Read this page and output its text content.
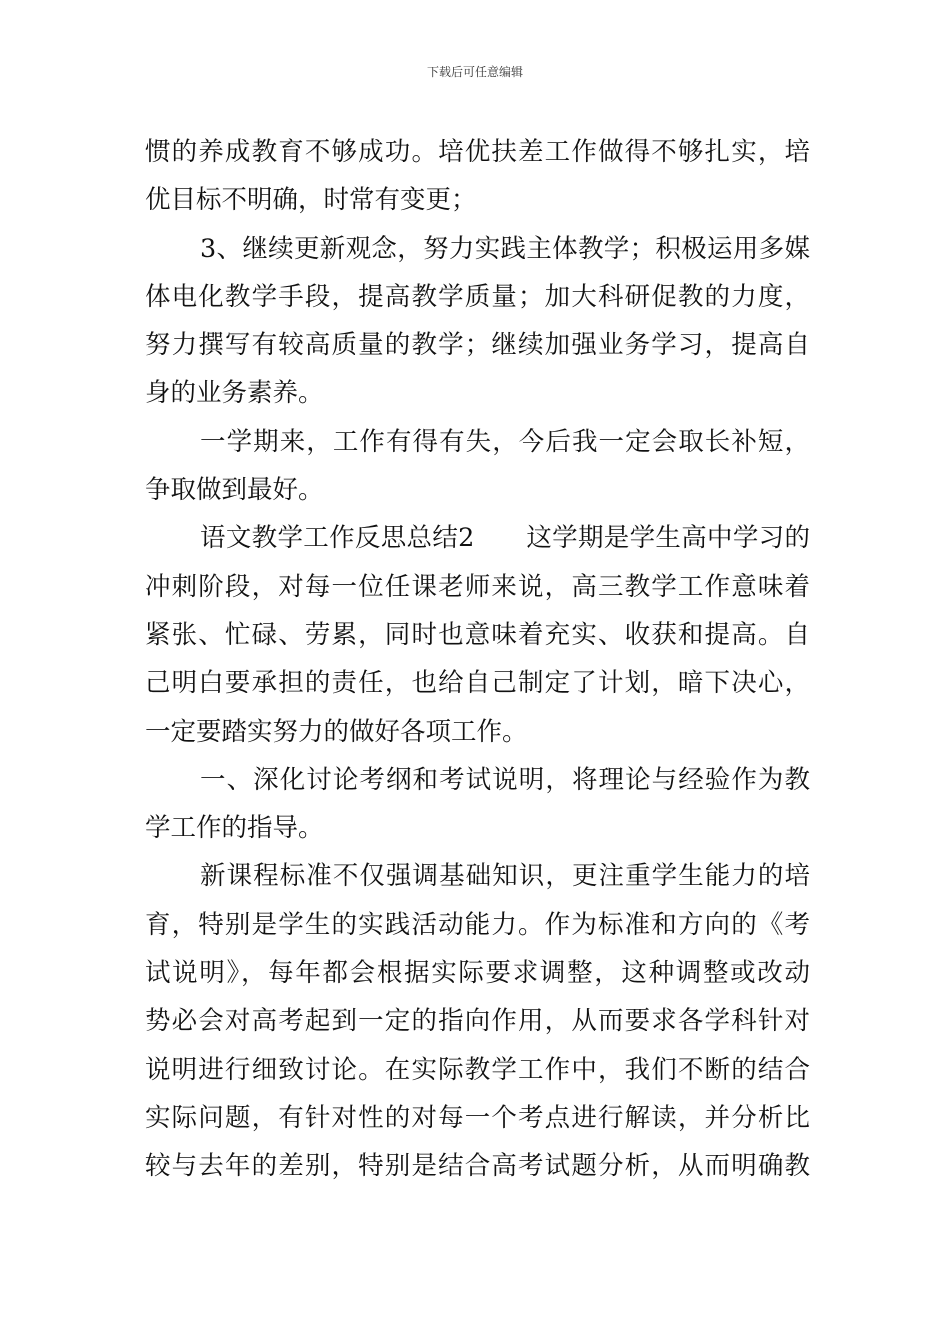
下载后可任意编辑
惯的养成教育不够成功。培优扶差工作做得不够扎实，培
优目标不明确，时常有变更；
3、继续更新观念，努力实践主体教学；积极运用多媒
体电化教学手段，提高教学质量；加大科研促教的力度，
努力撰写有较高质量的教学；继续加强业务学习，提高自
身的业务素养。
一学期来，工作有得有失，今后我一定会取长补短，
争取做到最好。
语文教学工作反思总结2　　这学期是学生高中学习的
冲刺阶段，对每一位任课老师来说，高三教学工作意味着
紧张、忙碌、劳累，同时也意味着充实、收获和提高。自
己明白要承担的责任，也给自己制定了计划，暗下决心，
一定要踏实努力的做好各项工作。
一、深化讨论考纲和考试说明，将理论与经验作为教
学工作的指导。
新课程标准不仅强调基础知识，更注重学生能力的培
育，特别是学生的实践活动能力。作为标准和方向的《考
试说明》，每年都会根据实际要求调整，这种调整或改动
势必会对高考起到一定的指向作用，从而要求各学科针对
说明进行细致讨论。在实际教学工作中，我们不断的结合
实际问题，有针对性的对每一个考点进行解读，并分析比
较与去年的差别，特别是结合高考试题分析，从而明确教
